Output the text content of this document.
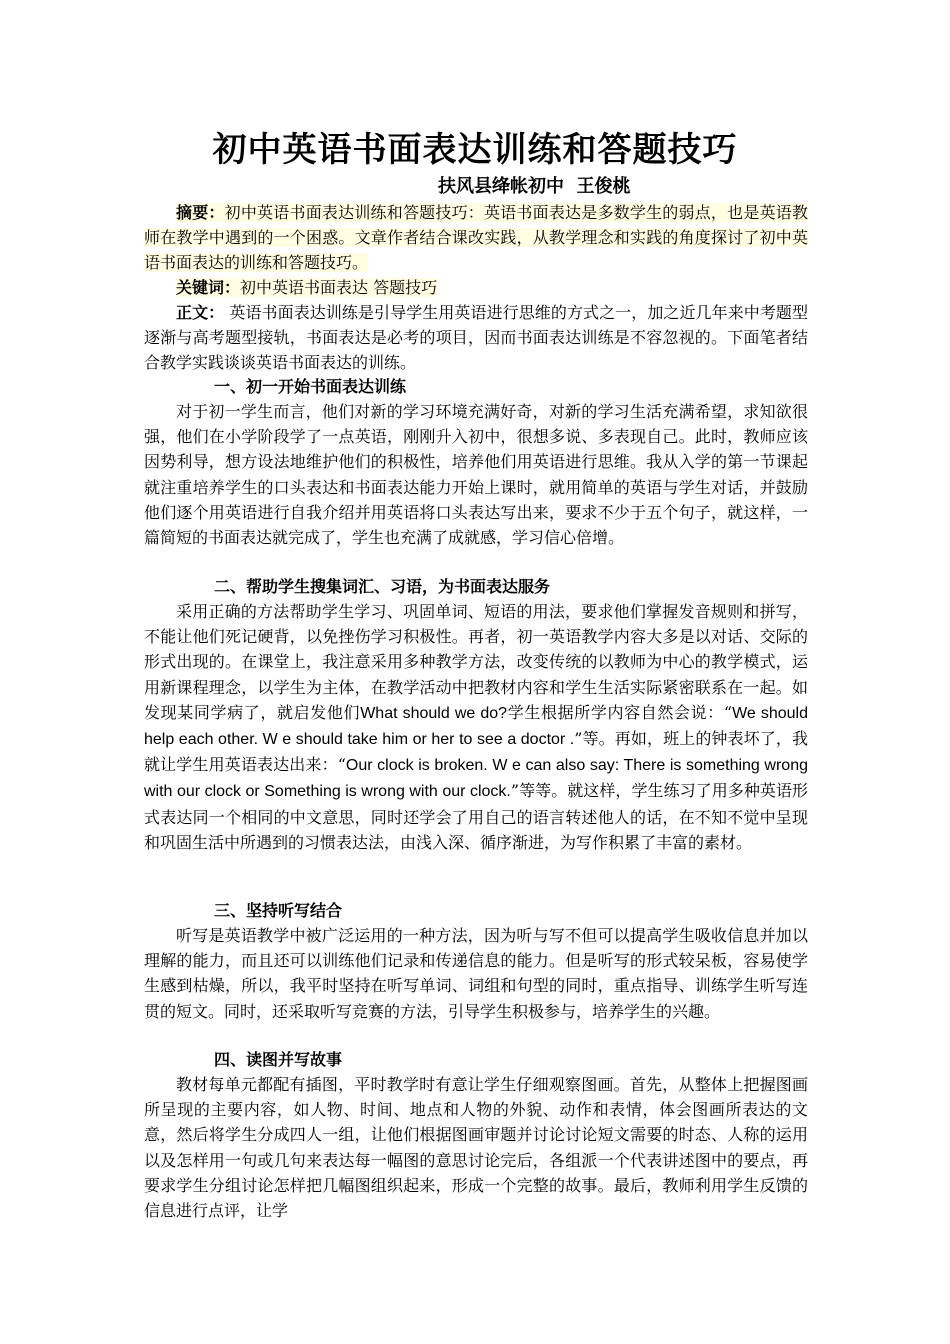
初中英语书面表达训练和答题技巧
扶风县绛帐初中  王俊桃
摘要：初中英语书面表达训练和答题技巧：英语书面表达是多数学生的弱点，也是英语教师在教学中遇到的一个困惑。文章作者结合课改实践，从教学理念和实践的角度探讨了初中英语书面表达的训练和答题技巧。
关键词：初中英语书面表达 答题技巧
正文： 英语书面表达训练是引导学生用英语进行思维的方式之一，加之近几年来中考题型逐渐与高考题型接轨，书面表达是必考的项目，因而书面表达训练是不容忽视的。下面笔者结合教学实践谈谈英语书面表达的训练。
一、初一开始书面表达训练
对于初一学生而言，他们对新的学习环境充满好奇，对新的学习生活充满希望，求知欲很强，他们在小学阶段学了一点英语，刚刚升入初中，很想多说、多表现自己。此时，教师应该因势利导，想方设法地维护他们的积极性，培养他们用英语进行思维。我从入学的第一节课起就注重培养学生的口头表达和书面表达能力开始上课时，就用简单的英语与学生对话，并鼓励他们逐个用英语进行自我介绍并用英语将口头表达写出来，要求不少于五个句子，就这样，一篇简短的书面表达就完成了，学生也充满了成就感，学习信心倍增。
二、帮助学生搜集词汇、习语，为书面表达服务
采用正确的方法帮助学生学习、巩固单词、短语的用法，要求他们掌握发音规则和拼写，不能让他们死记硬背，以免挫伤学习积极性。再者，初一英语教学内容大多是以对话、交际的形式出现的。在课堂上，我注意采用多种教学方法，改变传统的以教师为中心的教学模式，运用新课程理念，以学生为主体，在教学活动中把教材内容和学生生活实际紧密联系在一起。如发现某同学病了，就启发他们What should we do?学生根据所学内容自然会说：“We should help each other. W e should take him or her to see a doctor .”等。再如，班上的钟表坏了，我就让学生用英语表达出来：“Our clock is broken. W e can also say: There is something wrong with our clock or Something is wrong with our clock.”等等。就这样，学生练习了用多种英语形式表达同一个相同的中文意思，同时还学会了用自己的语言转述他人的话，在不知不觉中呈现和巩固生活中所遇到的习惯表达法，由浅入深、循序渐进，为写作积累了丰富的素材。
三、坚持听写结合
听写是英语教学中被广泛运用的一种方法，因为听与写不但可以提高学生吸收信息并加以理解的能力，而且还可以训练他们记录和传递信息的能力。但是听写的形式较呆板，容易使学生感到枯燥，所以，我平时坚持在听写单词、词组和句型的同时，重点指导、训练学生听写连贯的短文。同时，还采取听写竞赛的方法，引导学生积极参与，培养学生的兴趣。
四、读图并写故事
教材每单元都配有插图，平时教学时有意让学生仔细观察图画。首先，从整体上把握图画所呈现的主要内容，如人物、时间、地点和人物的外貌、动作和表情，体会图画所表达的文意，然后将学生分成四人一组，让他们根据图画审题并讨论讨论短文需要的时态、人称的运用以及怎样用一句或几句来表达每一幅图的意思讨论完后，各组派一个代表讲述图中的要点，再要求学生分组讨论怎样把几幅图组织起来，形成一个完整的故事。最后，教师利用学生反馈的信息进行点评，让学
